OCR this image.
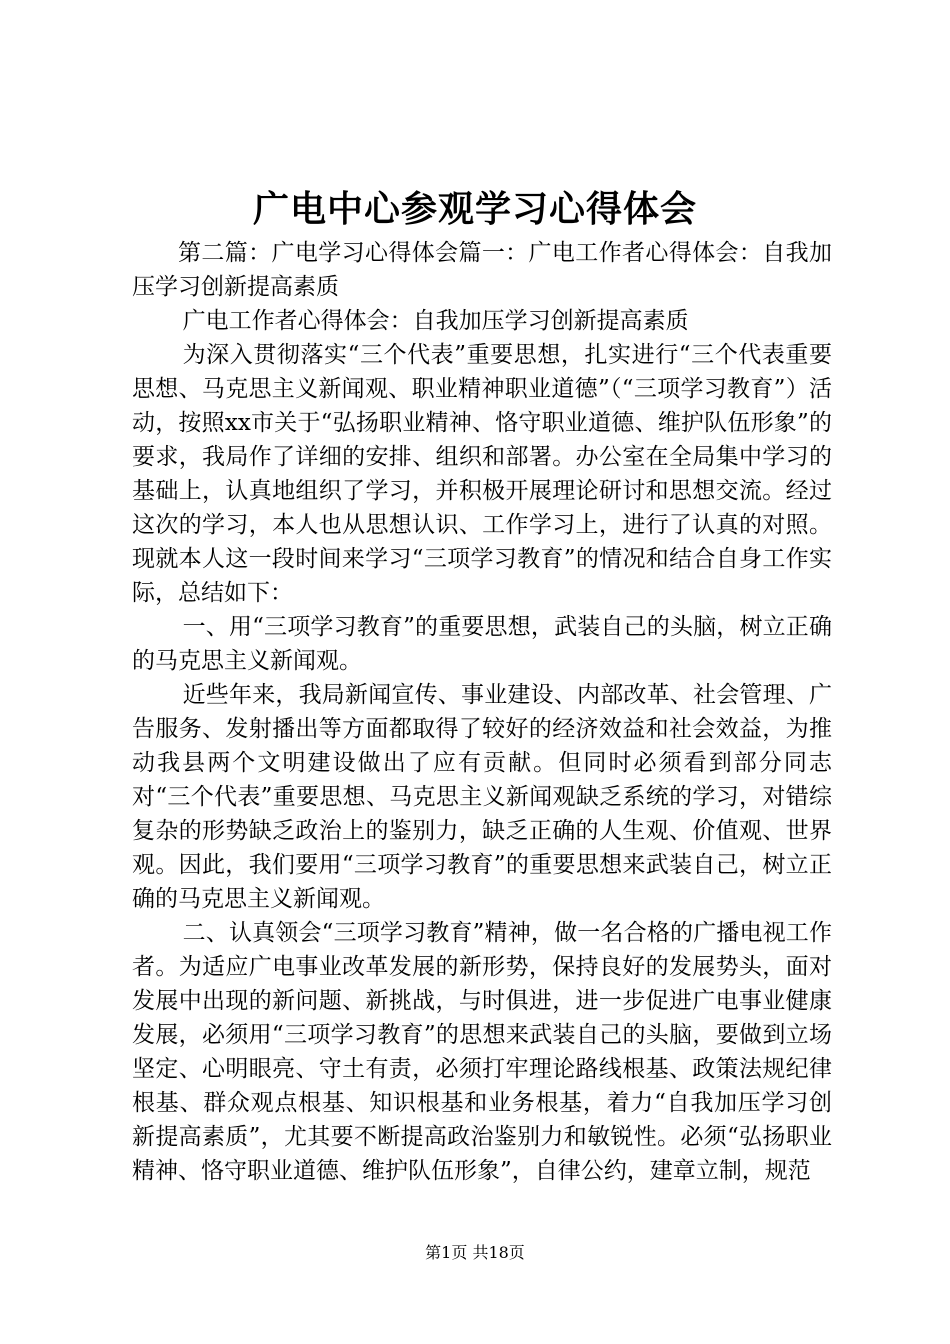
广电中心参观学习心得体会

第二篇：广电学习心得体会篇一：广电工作者心得体会：自我加压学习创新提高素质

广电工作者心得体会：自我加压学习创新提高素质

为深入贯彻落实“三个代表”重要思想，扎实进行“三个代表重要思想、马克思主义新闻观、职业精神职业道德”（“三项学习教育”）活动，按照xx市关于“弘扬职业精神、恪守职业道德、维护队伍形象”的要求，我局作了详细的安排、组织和部署。办公室在全局集中学习的基础上，认真地组织了学习，并积极开展理论研讨和思想交流。经过这次的学习，本人也从思想认识、工作学习上，进行了认真的对照。现就本人这一段时间来学习“三项学习教育”的情况和结合自身工作实际，总结如下：

一、用“三项学习教育”的重要思想，武装自己的头脑，树立正确的马克思主义新闻观。

近些年来，我局新闻宣传、事业建设、内部改革、社会管理、广告服务、发射播出等方面都取得了较好的经济效益和社会效益，为推动我县两个文明建设做出了应有贡献。但同时必须看到部分同志对“三个代表”重要思想、马克思主义新闻观缺乏系统的学习，对错综复杂的形势缺乏政治上的鉴别力，缺乏正确的人生观、价值观、世界观。因此，我们要用“三项学习教育”的重要思想来武装自己，树立正确的马克思主义新闻观。

二、认真领会“三项学习教育”精神，做一名合格的广播电视工作者。为适应广电事业改革发展的新形势，保持良好的发展势头，面对发展中出现的新问题、新挑战，与时俱进，进一步促进广电事业健康发展，必须用“三项学习教育”的思想来武装自己的头脑，要做到立场坚定、心明眼亮、守土有责，必须打牢理论路线根基、政策法规纪律根基、群众观点根基、知识根基和业务根基，着力“自我加压学习创新提高素质”，尤其要不断提高政治鉴别力和敏锐性。必须“弘扬职业精神、恪守职业道德、维护队伍形象”，自律公约，建章立制，规范

第1页 共18页
